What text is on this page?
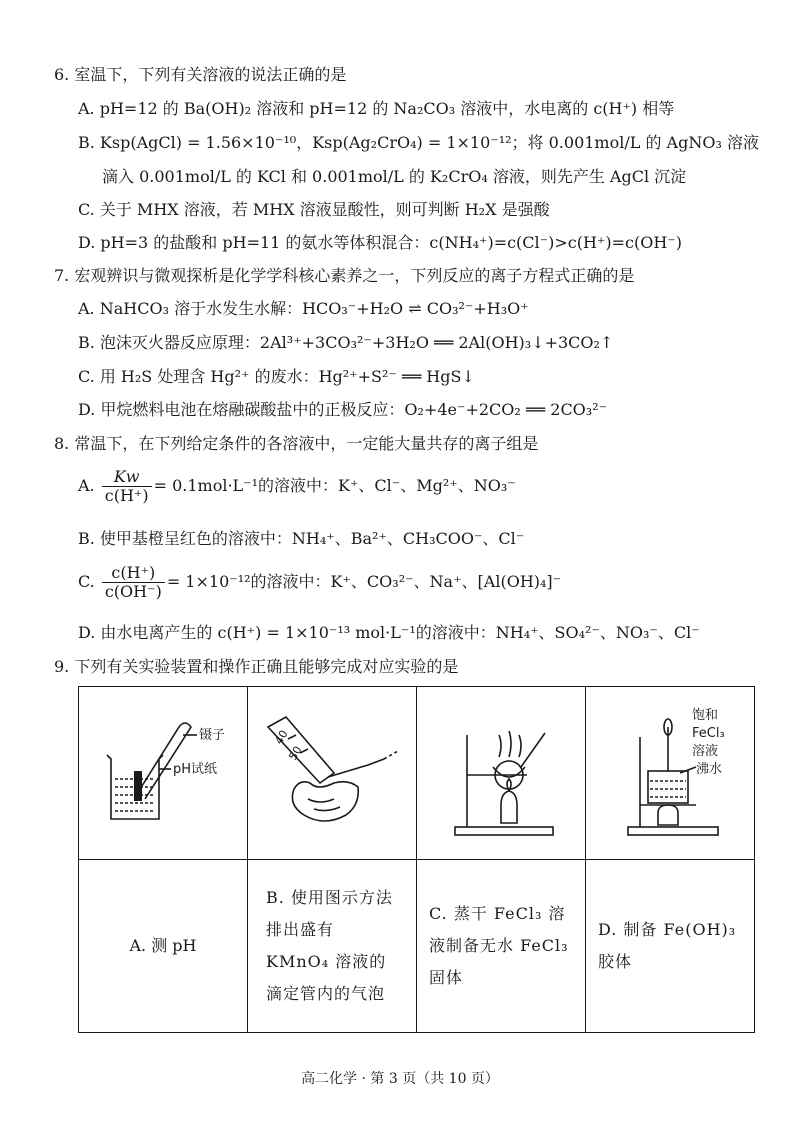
6. 室温下，下列有关溶液的说法正确的是
A. pH=12 的 Ba(OH)₂ 溶液和 pH=12 的 Na₂CO₃ 溶液中，水电离的 c(H⁺) 相等
B. Ksp(AgCl) = 1.56×10⁻¹⁰，Ksp(Ag₂CrO₄) = 1×10⁻¹²；将 0.001mol/L 的 AgNO₃ 溶液
滴入 0.001mol/L 的 KCl 和 0.001mol/L 的 K₂CrO₄ 溶液，则先产生 AgCl 沉淀
C. 关于 MHX 溶液，若 MHX 溶液显酸性，则可判断 H₂X 是强酸
D. pH=3 的盐酸和 pH=11 的氨水等体积混合：c(NH₄⁺)=c(Cl⁻)>c(H⁺)=c(OH⁻)
7. 宏观辨识与微观探析是化学学科核心素养之一，下列反应的离子方程式正确的是
A. NaHCO₃ 溶于水发生水解：HCO₃⁻+H₂O ⇌ CO₃²⁻+H₃O⁺
B. 泡沫灭火器反应原理：2Al³⁺+3CO₃²⁻+3H₂O ══ 2Al(OH)₃↓+3CO₂↑
C. 用 H₂S 处理含 Hg²⁺ 的废水：Hg²⁺+S²⁻ ══ HgS↓
D. 甲烷燃料电池在熔融碳酸盐中的正极反应：O₂+4e⁻+2CO₂ ══ 2CO₃²⁻
8. 常温下，在下列给定条件的各溶液中，一定能大量共存的离子组是
A. $\frac{Kw}{c(H^+)} = 0.1mol\cdot L^{-1}$的溶液中：K⁺、Cl⁻、Mg²⁺、NO₃⁻
B. 使甲基橙呈红色的溶液中：NH₄⁺、Ba²⁺、CH₃COO⁻、Cl⁻
C. $\frac{c(H^+)}{c(OH^-)} = 1\times 10^{-12}$的溶液中：K⁺、CO₃²⁻、Na⁺、[Al(OH)₄]⁻
D. 由水电离产生的 c(H⁺) = 1×10⁻¹³ mol·L⁻¹的溶液中：NH₄⁺、SO₄²⁻、NO₃⁻、Cl⁻
9. 下列有关实验装置和操作正确且能够完成对应实验的是
镊子
pH试纸	40
50		饱和
FeCl₃
溶液
沸水

A. 测 pH	B. 使用图示方法排出盛有 KMnO₄ 溶液的滴定管内的气泡	C. 蒸干 FeCl₃ 溶液制备无水 FeCl₃ 固体	D. 制备 Fe(OH)₃ 胶体
高二化学 · 第 3 页（共 10 页）
